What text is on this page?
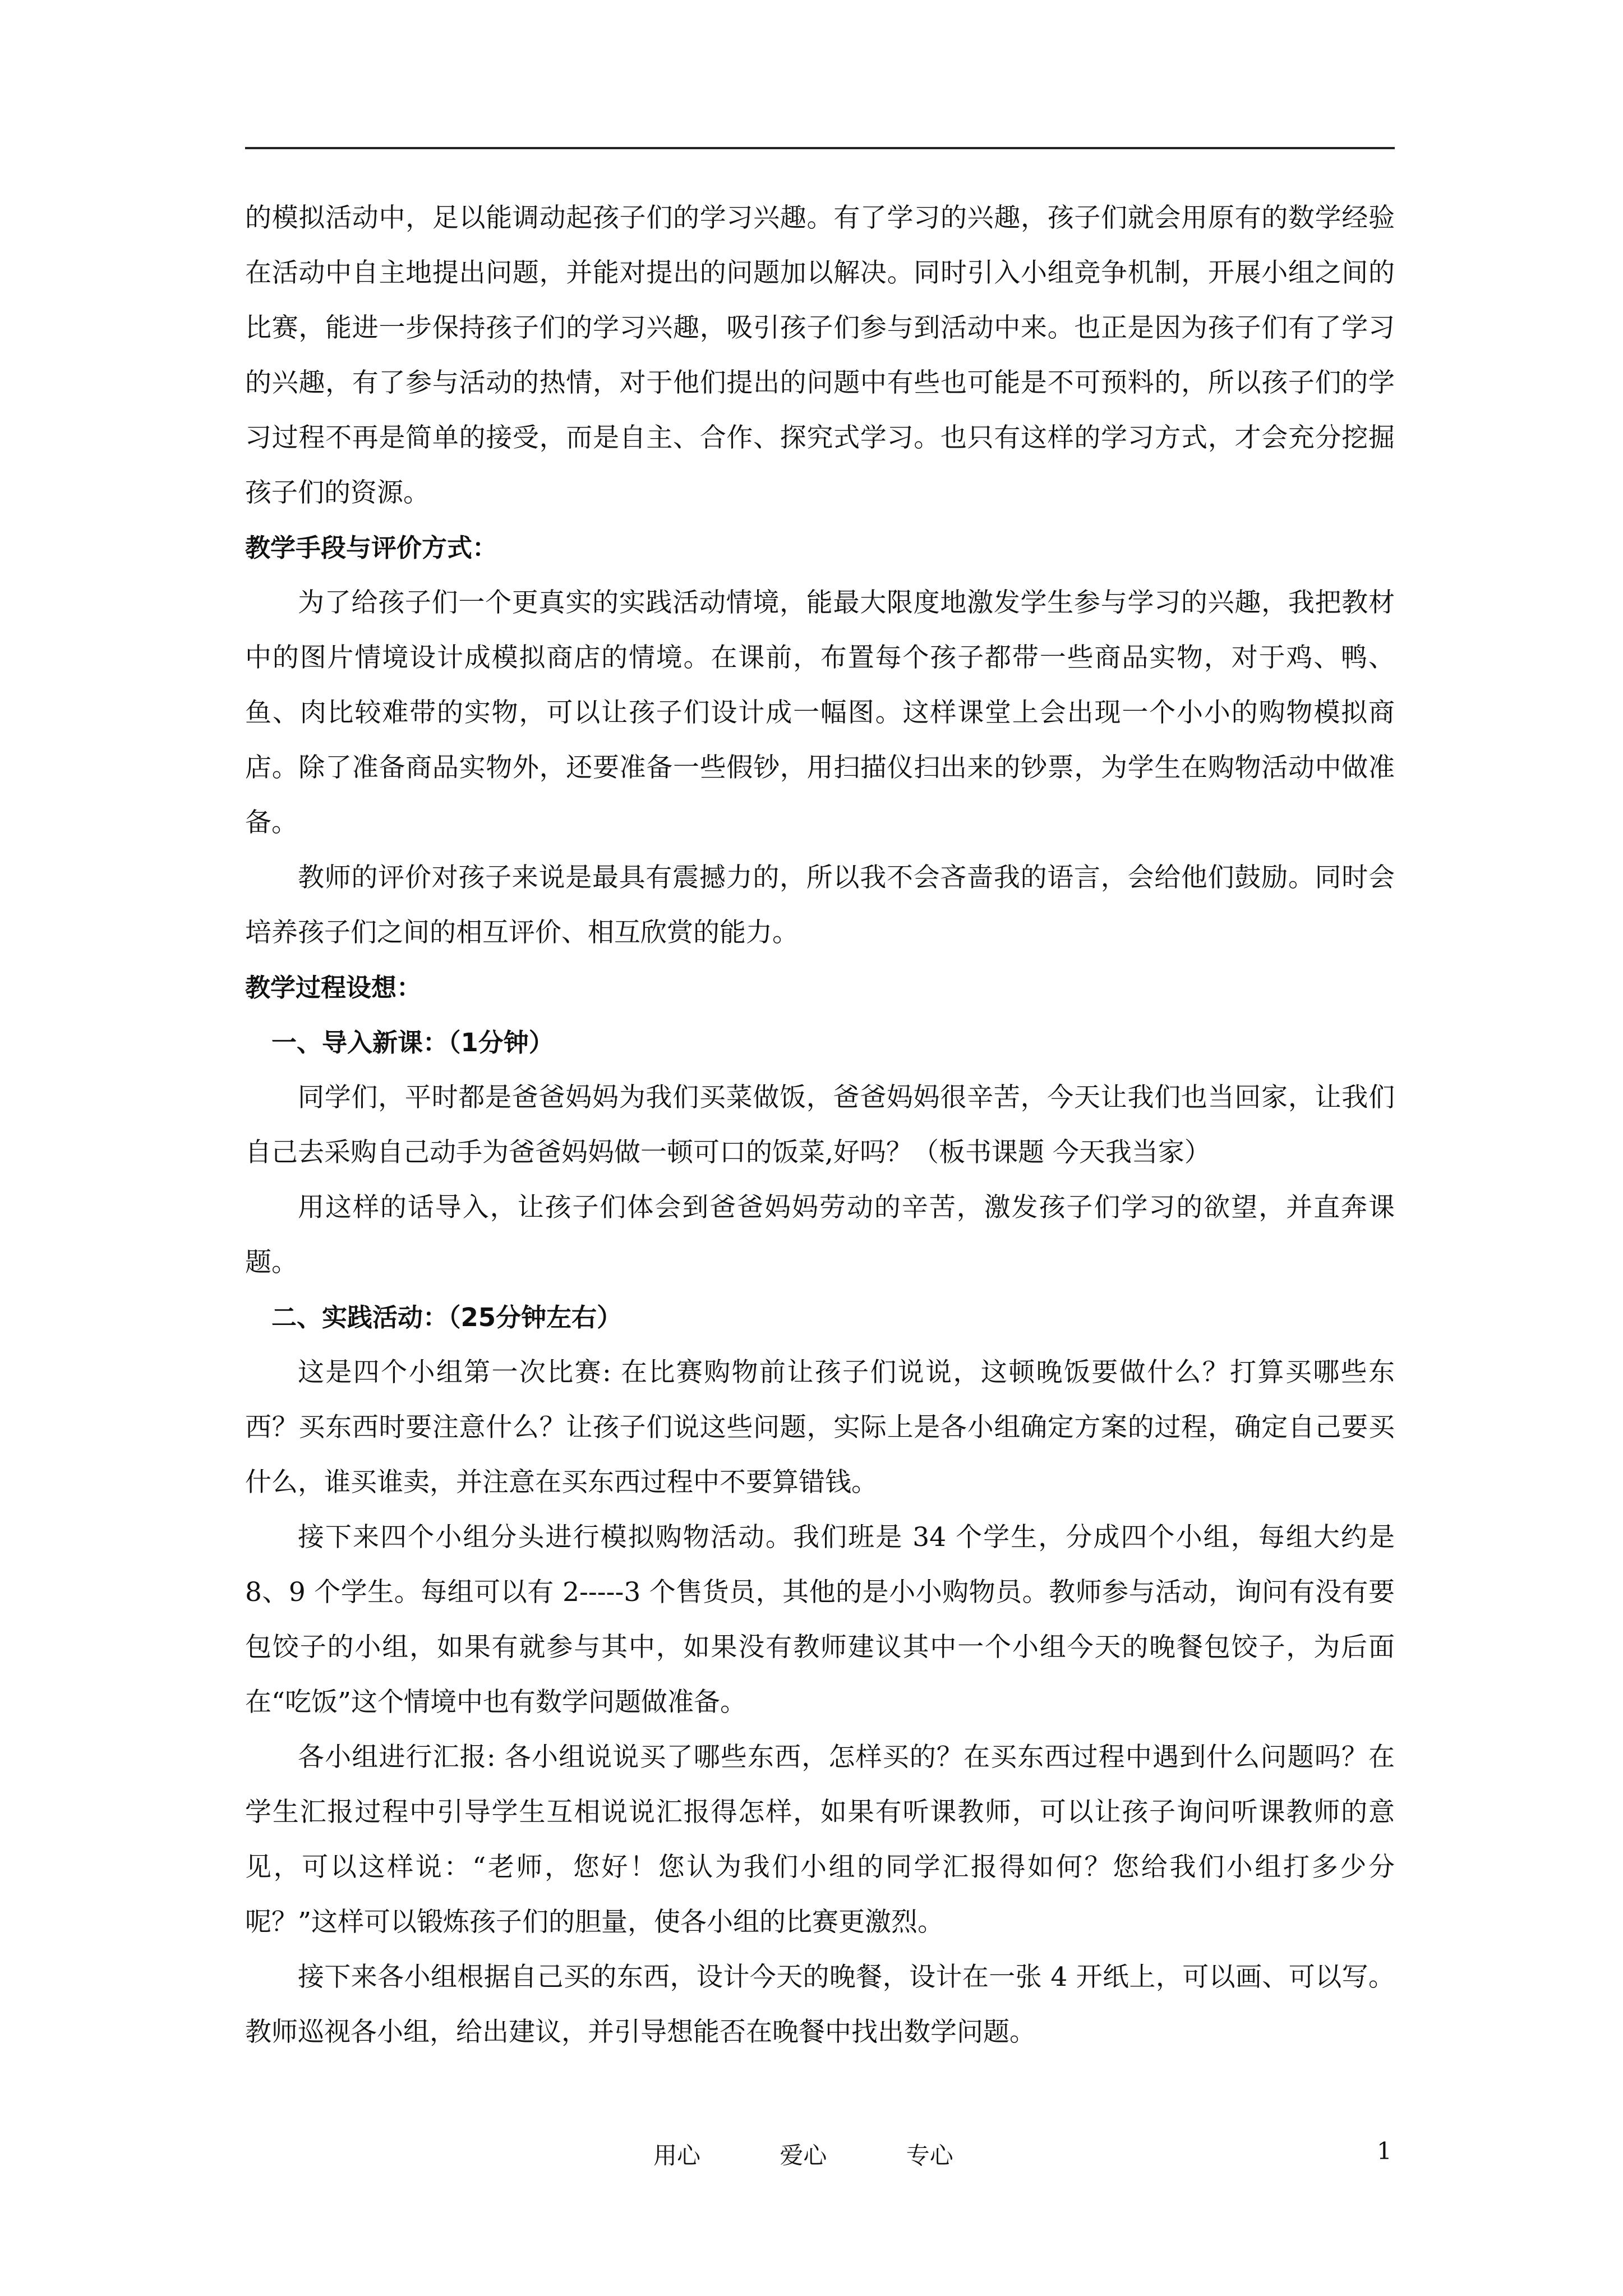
的模拟活动中，足以能调动起孩子们的学习兴趣。有了学习的兴趣，孩子们就会用原有的数学经验在活动中自主地提出问题，并能对提出的问题加以解决。同时引入小组竞争机制，开展小组之间的比赛，能进一步保持孩子们的学习兴趣，吸引孩子们参与到活动中来。也正是因为孩子们有了学习的兴趣，有了参与活动的热情，对于他们提出的问题中有些也可能是不可预料的，所以孩子们的学习过程不再是简单的接受，而是自主、合作、探究式学习。也只有这样的学习方式，才会充分挖掘孩子们的资源。

教学手段与评价方式：

为了给孩子们一个更真实的实践活动情境，能最大限度地激发学生参与学习的兴趣，我把教材中的图片情境设计成模拟商店的情境。在课前，布置每个孩子都带一些商品实物，对于鸡、鸭、鱼、肉比较难带的实物，可以让孩子们设计成一幅图。这样课堂上会出现一个小小的购物模拟商店。除了准备商品实物外，还要准备一些假钞，用扫描仪扫出来的钞票，为学生在购物活动中做准备。

教师的评价对孩子来说是最具有震撼力的，所以我不会吝啬我的语言，会给他们鼓励。同时会培养孩子们之间的相互评价、相互欣赏的能力。

教学过程设想：
一、导入新课：（1分钟）

同学们，平时都是爸爸妈妈为我们买菜做饭，爸爸妈妈很辛苦，今天让我们也当回家，让我们自己去采购自己动手为爸爸妈妈做一顿可口的饭菜,好吗？（板书课题 今天我当家）

用这样的话导入，让孩子们体会到爸爸妈妈劳动的辛苦，激发孩子们学习的欲望，并直奔课题。

二、实践活动：（25分钟左右）

这是四个小组第一次比赛: 在比赛购物前让孩子们说说，这顿晚饭要做什么？打算买哪些东西？买东西时要注意什么？让孩子们说这些问题，实际上是各小组确定方案的过程，确定自己要买什么，谁买谁卖，并注意在买东西过程中不要算错钱。

接下来四个小组分头进行模拟购物活动。我们班是 34 个学生，分成四个小组，每组大约是 8、9 个学生。每组可以有 2-----3 个售货员，其他的是小小购物员。教师参与活动，询问有没有要包饺子的小组，如果有就参与其中，如果没有教师建议其中一个小组今天的晚餐包饺子，为后面在“吃饭”这个情境中也有数学问题做准备。

各小组进行汇报: 各小组说说买了哪些东西，怎样买的？在买东西过程中遇到什么问题吗？在学生汇报过程中引导学生互相说说汇报得怎样，如果有听课教师，可以让孩子询问听课教师的意见，可以这样说：“老师，您好！您认为我们小组的同学汇报得如何？您给我们小组打多少分呢？”这样可以锻炼孩子们的胆量，使各小组的比赛更激烈。

接下来各小组根据自己买的东西，设计今天的晚餐，设计在一张 4 开纸上，可以画、可以写。教师巡视各小组，给出建议，并引导想能否在晚餐中找出数学问题。

用心	爱心	专心	1
